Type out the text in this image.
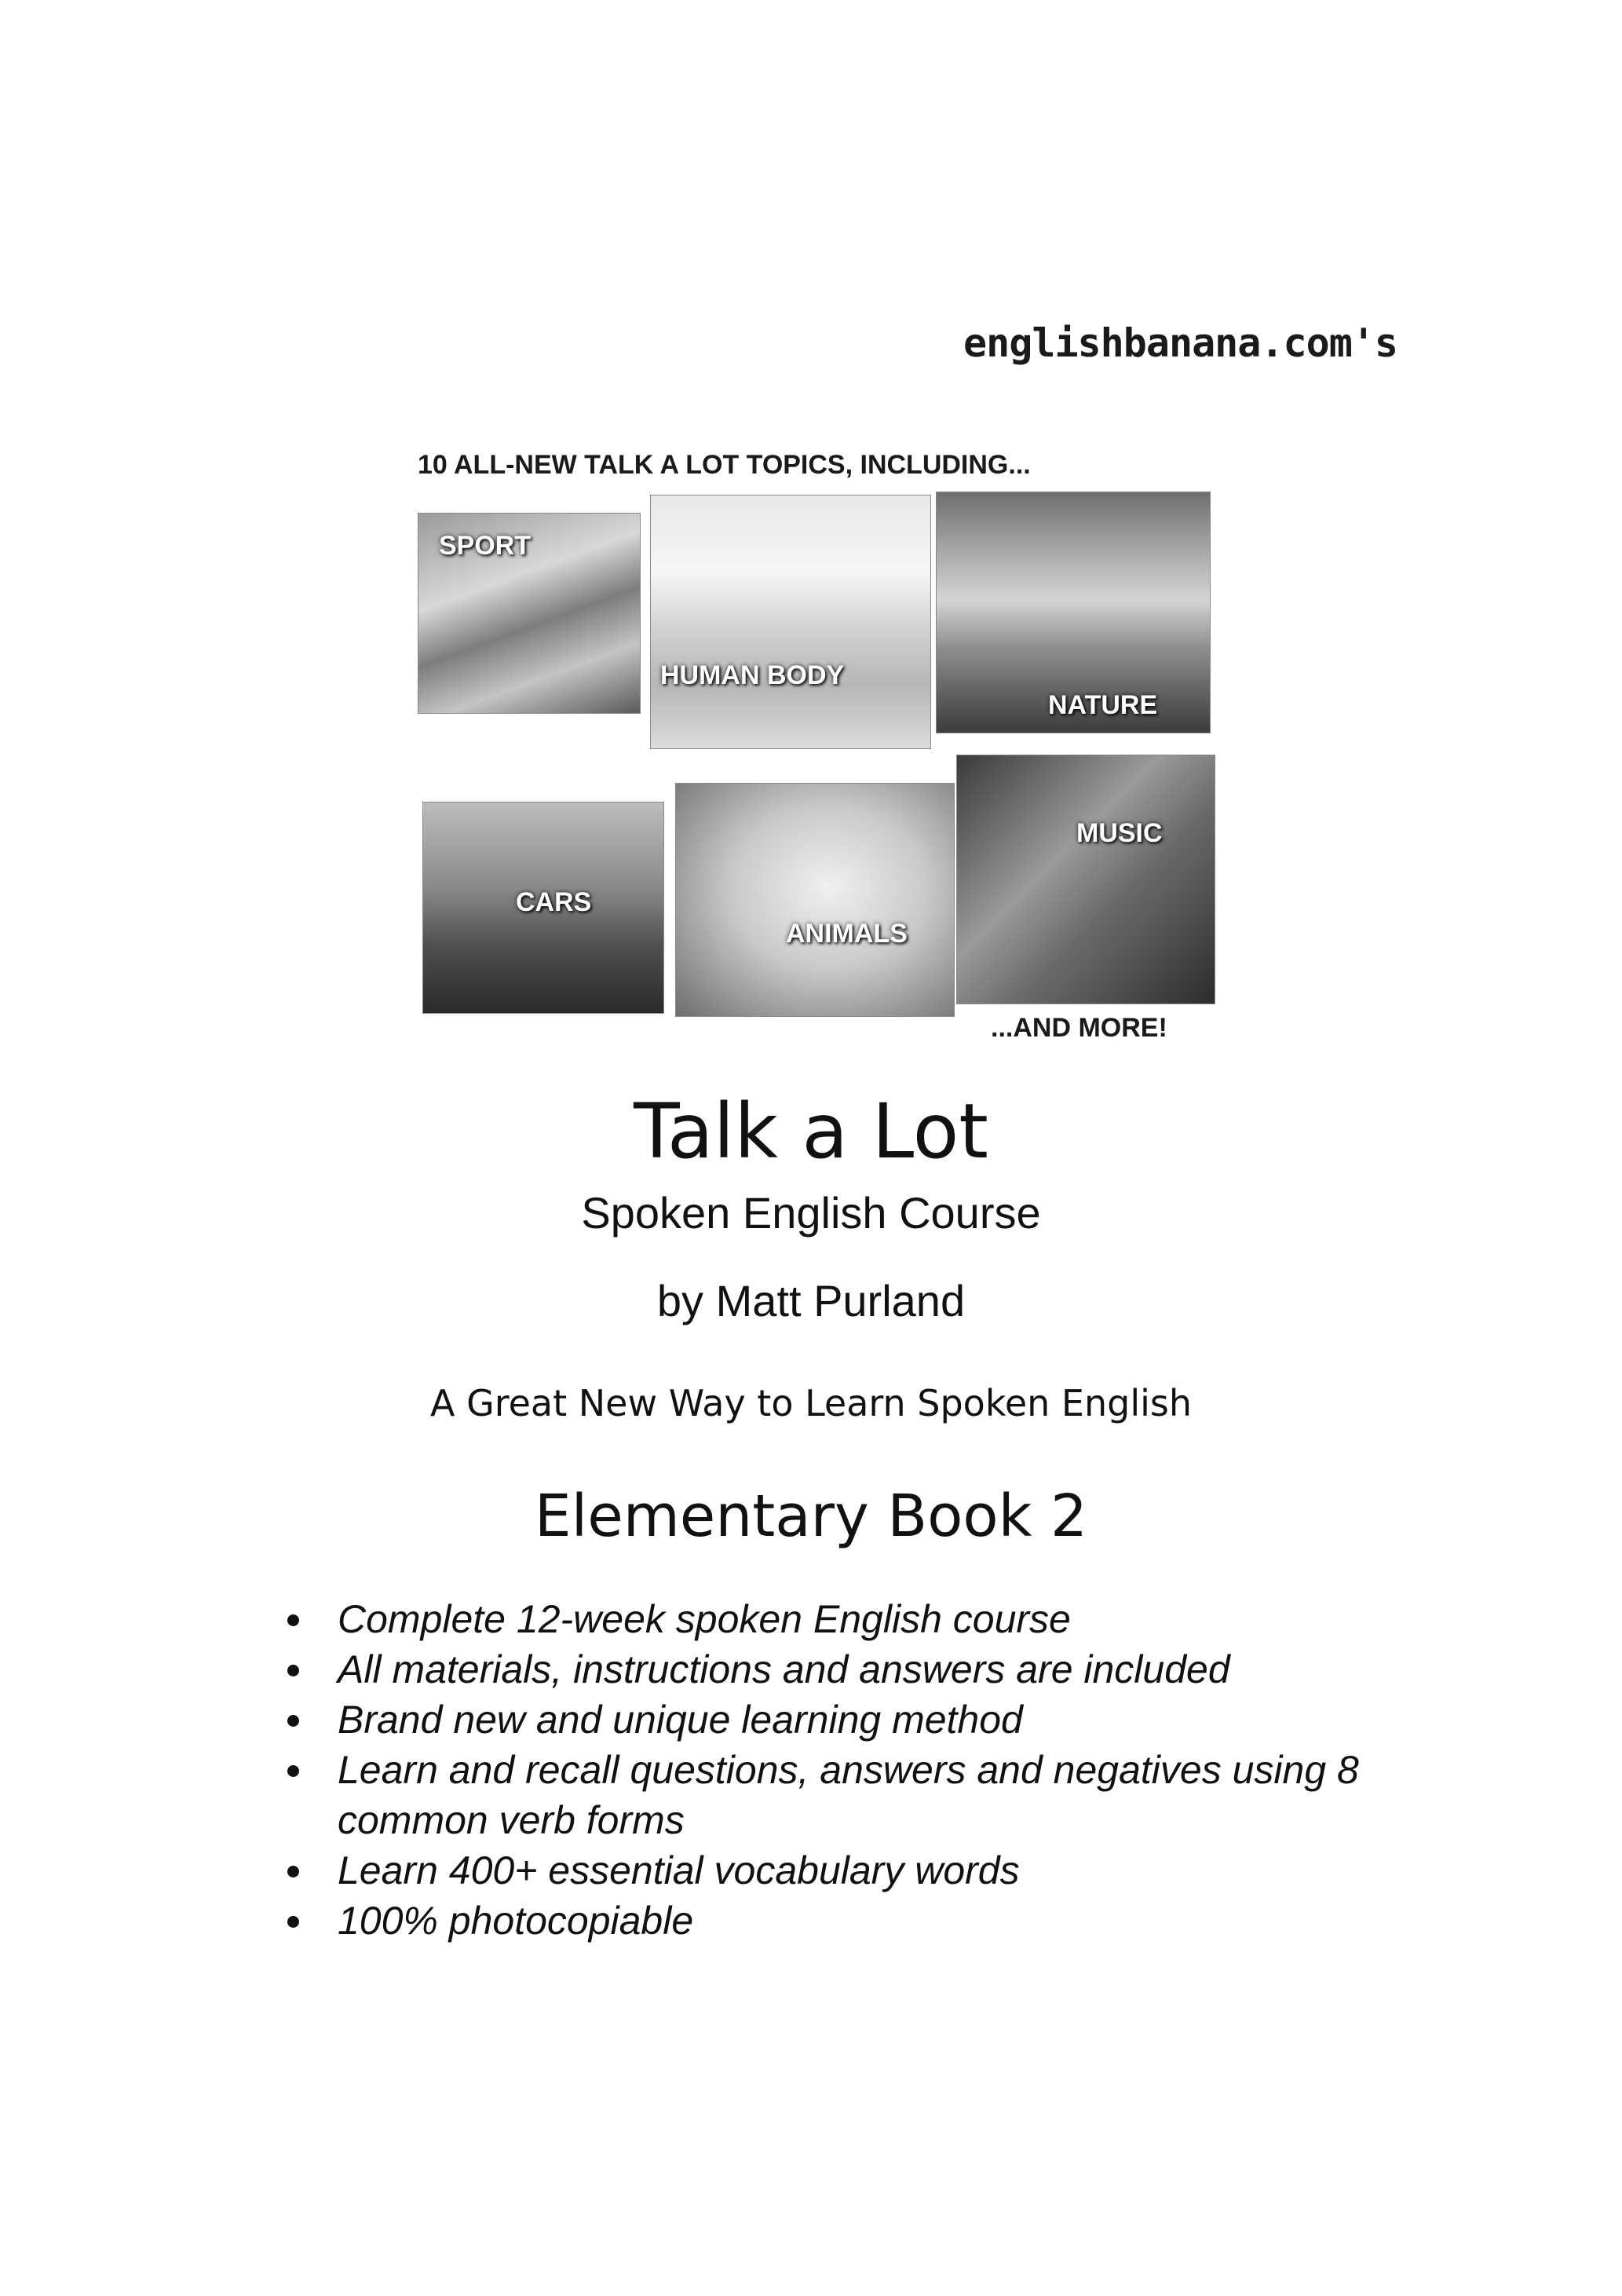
englishbanana.com's
10 ALL-NEW TALK A LOT TOPICS, INCLUDING...
SPORT
HUMAN BODY
NATURE
CARS
ANIMALS
MUSIC
...AND MORE!
Talk a Lot
Spoken English Course
by Matt Purland
A Great New Way to Learn Spoken English
Elementary Book 2
Complete 12-week spoken English course
All materials, instructions and answers are included
Brand new and unique learning method
Learn and recall questions, answers and negatives using 8 common verb forms
Learn 400+ essential vocabulary words
100% photocopiable
